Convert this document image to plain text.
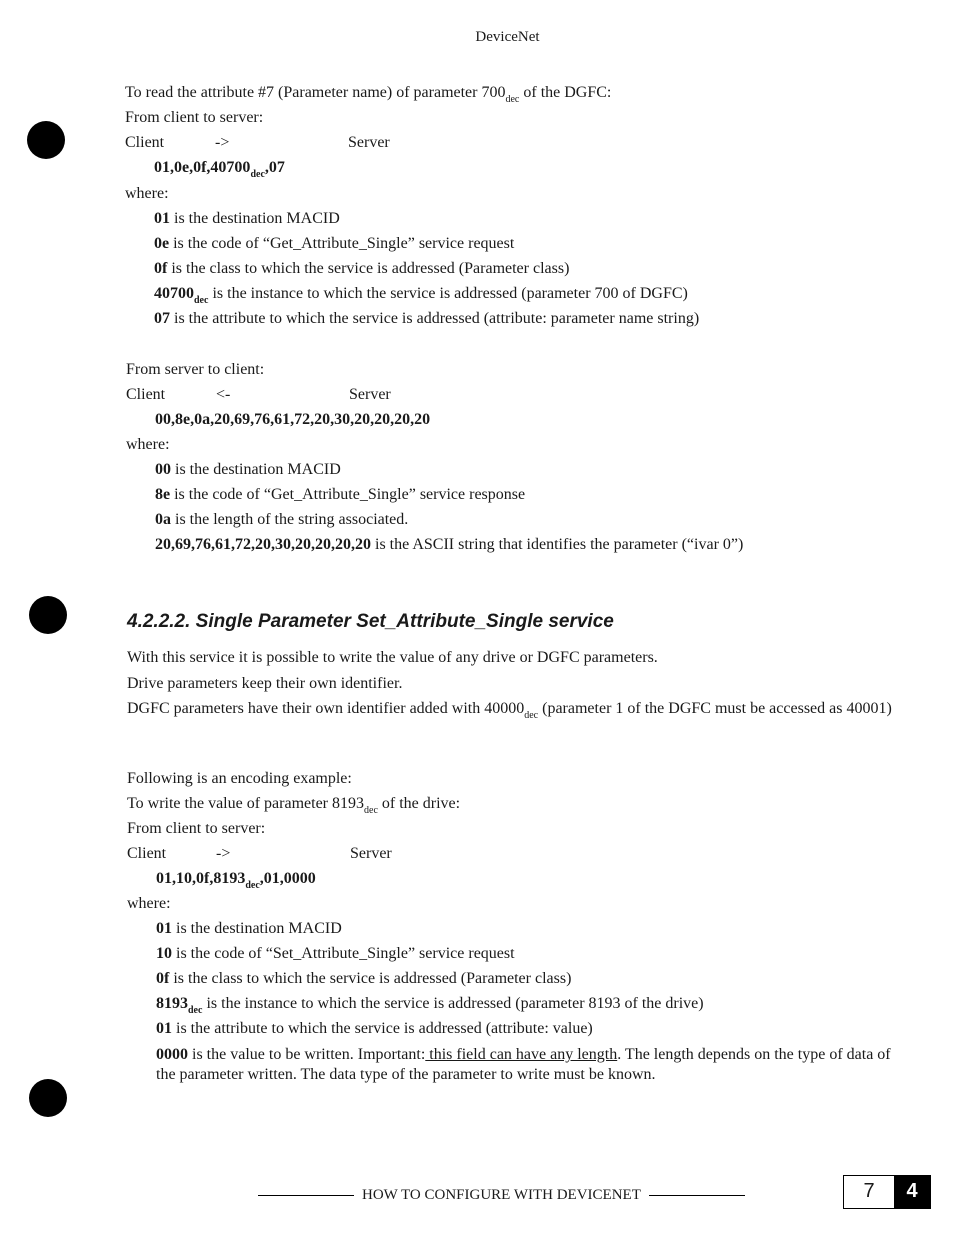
DeviceNet
To read the attribute #7 (Parameter name) of parameter $700_{dec}$ of the DGFC:
From client to server:
Client	->	Server
$01,0e,0f,40700_{dec},07$
where:
01 is the destination MACID
0e is the code of “Get_Attribute_Single” service request
0f is the class to which the service is addressed (Parameter class)
$40700_{dec}$ is the instance to which the service is addressed (parameter 700 of DGFC)
07 is the attribute to which the service is addressed (attribute: parameter name string)
From server to client:
Client	<-	Server
00,8e,0a,20,69,76,61,72,20,30,20,20,20,20
where:
00 is the destination MACID
8e is the code of “Get_Attribute_Single” service response
0a is the length of the string associated.
20,69,76,61,72,20,30,20,20,20,20 is the ASCII string that identifies the parameter (“ivar 0”)
4.2.2.2. Single Parameter Set_Attribute_Single service
With this service it is possible to write the value of any drive or DGFC parameters.
Drive parameters keep their own identifier.
DGFC parameters have their own identifier added with $40000_{dec}$ (parameter 1 of the DGFC must be accessed as 40001)
Following is an encoding example:
To write the value of parameter $8193_{dec}$ of the drive:
From client to server:
Client	->	Server
$01,10,0f,8193_{dec},01,0000$
where:
01 is the destination MACID
10 is the code of “Set_Attribute_Single” service request
0f is the class to which the service is addressed (Parameter class)
$8193_{dec}$ is the instance to which the service is addressed (parameter 8193 of the drive)
01 is the attribute to which the service is addressed (attribute: value)
0000 is the value to be written. Important: this field can have any length. The length depends on the type of data of the parameter written. The data type of the parameter to write must be known.
HOW TO CONFIGURE WITH DEVICENET	7	4
